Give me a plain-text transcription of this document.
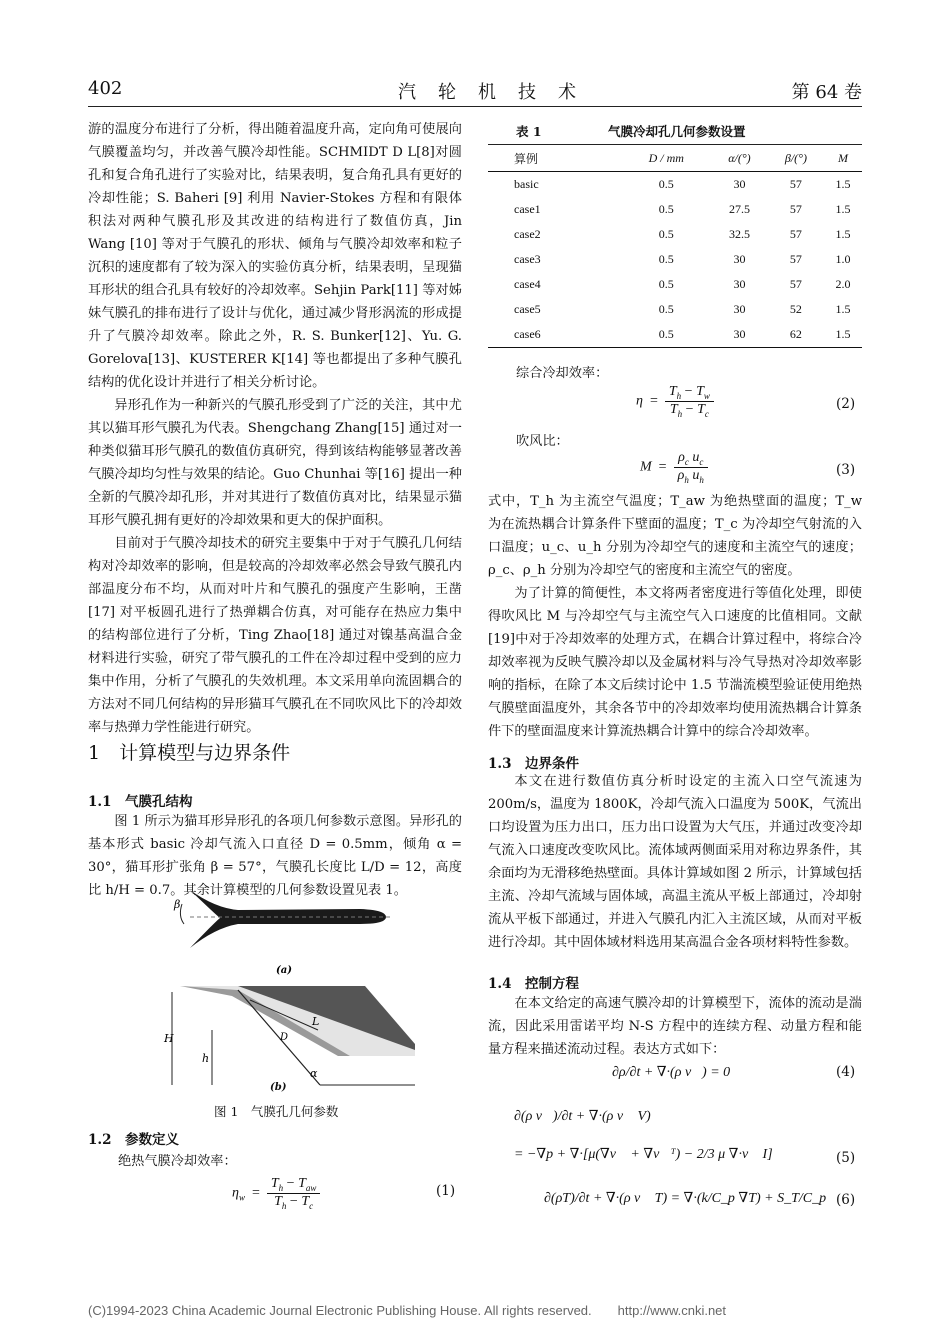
402	汽　轮　机　技　术	第 64 卷

游的温度分布进行了分析，得出随着温度升高，定向角可使展向气膜覆盖均匀，并改善气膜冷却性能。SCHMIDT D L[8]对圆孔和复合角孔进行了实验对比，结果表明，复合角孔具有更好的冷却性能；S. Baheri [9] 利用 Navier-Stokes 方程和有限体积法对两种气膜孔形及其改进的结构进行了数值仿真，Jin Wang [10] 等对于气膜孔的形状、倾角与气膜冷却效率和粒子沉积的速度都有了较为深入的实验仿真分析，结果表明，呈现猫耳形状的组合孔具有较好的冷却效率。Sehjin Park[11] 等对姊妹气膜孔的排布进行了设计与优化，通过减少肾形涡流的形成提升了气膜冷却效率。除此之外，R. S. Bunker[12]、Yu. G. Gorelova[13]、KUSTERER K[14] 等也都提出了多种气膜孔结构的优化设计并进行了相关分析讨论。

异形孔作为一种新兴的气膜孔形受到了广泛的关注，其中尤其以猫耳形气膜孔为代表。Shengchang Zhang[15] 通过对一种类似猫耳形气膜孔的数值仿真研究，得到该结构能够显著改善气膜冷却均匀性与效果的结论。Guo Chunhai 等[16] 提出一种全新的气膜冷却孔形，并对其进行了数值仿真对比，结果显示猫耳形气膜孔拥有更好的冷却效果和更大的保护面积。

目前对于气膜冷却技术的研究主要集中于对于气膜孔几何结构对冷却效率的影响，但是较高的冷却效率必然会导致气膜孔内部温度分布不均，从而对叶片和气膜孔的强度产生影响，王凿[17] 对平板圆孔进行了热弹耦合仿真，对可能存在热应力集中的结构部位进行了分析，Ting Zhao[18] 通过对镍基高温合金材料进行实验，研究了带气膜孔的工件在冷却过程中受到的应力集中作用，分析了气膜孔的失效机理。本文采用单向流固耦合的方法对不同几何结构的异形猫耳气膜孔在不同吹风比下的冷却效率与热弹力学性能进行研究。

1　计算模型与边界条件
1.1　气膜孔结构

图 1 所示为猫耳形异形孔的各项几何参数示意图。异形孔的基本形式 basic 冷却气流入口直径 D = 0.5mm，倾角 α = 30°，猫耳形扩张角 β = 57°，气膜孔长度比 L/D = 12，高度比 h/H = 0.7。其余计算模型的几何参数设置见表 1。

β
(a)
H
h
L
D
α
(b)
图 1　气膜孔几何参数
1.2　参数定义
绝热气膜冷却效率：
$\eta_w = \frac{T_h - T_{aw}}{T_h - T_c}$	(1)
表 1	气膜冷却孔几何参数设置
算例	D / mm	α/(°)	β/(°)	M
basic	0.5	30	57	1.5
case1	0.5	27.5	57	1.5
case2	0.5	32.5	57	1.5
case3	0.5	30	57	1.0
case4	0.5	30	57	2.0
case5	0.5	30	52	1.5
case6	0.5	30	62	1.5
综合冷却效率：
$\eta = \frac{T_h - T_w}{T_h - T_c}$	(2)
吹风比：
$M = \frac{\rho_c u_c}{\rho_h u_h}$	(3)

式中，T_h 为主流空气温度；T_aw 为绝热壁面的温度；T_w 为在流热耦合计算条件下壁面的温度；T_c 为冷却空气射流的入口温度；u_c、u_h 分别为冷却空气的速度和主流空气的速度；ρ_c、ρ_h 分别为冷却空气的密度和主流空气的密度。

为了计算的简便性，本文将两者密度进行等值化处理，即使得吹风比 M 与冷却空气与主流空气入口速度的比值相同。文献[19]中对于冷却效率的处理方式，在耦合计算过程中，将综合冷却效率视为反映气膜冷却以及金属材料与冷气导热对冷却效率影响的指标，在除了本文后续讨论中 1.5 节湍流模型验证使用绝热气膜壁面温度外，其余各节中的冷却效率均使用流热耦合计算条件下的壁面温度来计算流热耦合计算中的综合冷却效率。

1.3　边界条件

本文在进行数值仿真分析时设定的主流入口空气流速为 200m/s，温度为 1800K，冷却气流入口温度为 500K，气流出口均设置为压力出口，压力出口设置为大气压，并通过改变冷却气流入口速度改变吹风比。流体域两侧面采用对称边界条件，其余面均为无滑移绝热壁面。具体计算域如图 2 所示，计算域包括主流、冷却气流域与固体域，高温主流从平板上部通过，冷却射流从平板下部通过，并进入气膜孔内汇入主流区域，从而对平板进行冷却。其中固体域材料选用某高温合金各项材料特性参数。

1.4　控制方程

在本文给定的高速气膜冷却的计算模型下，流体的流动是湍流，因此采用雷诺平均 N-S 方程中的连续方程、动量方程和能量方程来描述流动过程。表达方式如下：

∂ρ/∂t + ∇·(ρ v⃗) = 0	(4)
∂(ρ v⃗)/∂t + ∇·(ρ v⃗ V)
= −∇p + ∇·[μ(∇v⃗ + ∇v⃗ᵀ) − 2/3 μ ∇·v⃗ I]	(5)
∂(ρT)/∂t + ∇·(ρ v⃗ T) = ∇·(k/C_p ∇T) + S_T/C_p (6)
(C)1994-2023 China Academic Journal Electronic Publishing House. All rights reserved.　　http://www.cnki.net
